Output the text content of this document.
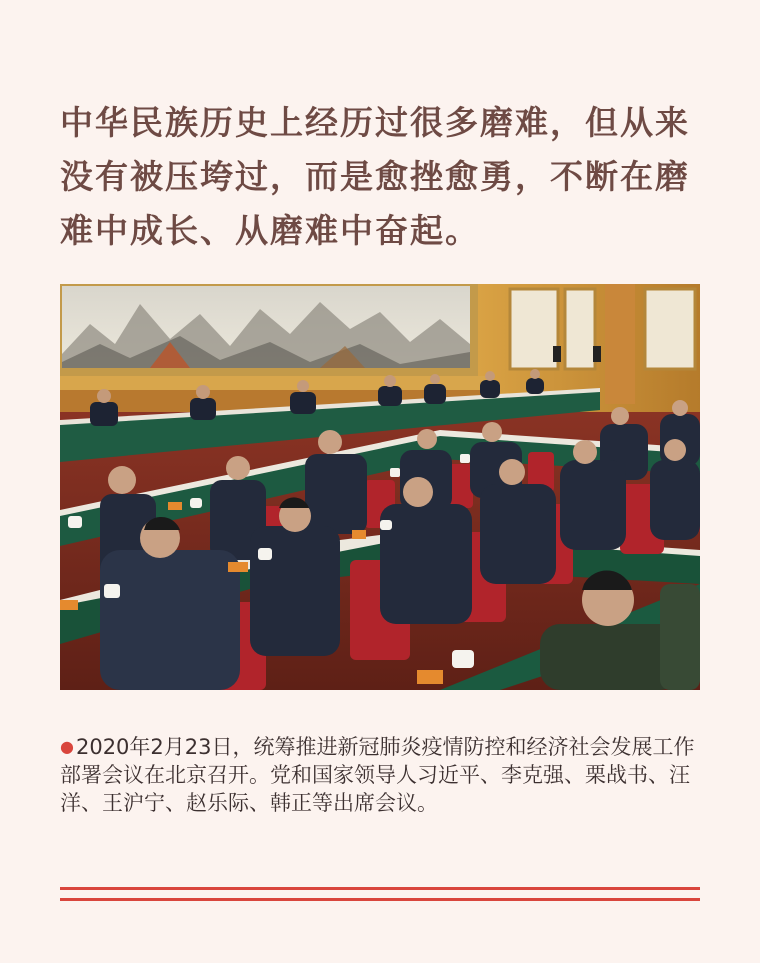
中华民族历史上经历过很多磨难，但从来没有被压垮过，而是愈挫愈勇，不断在磨难中成长、从磨难中奋起。

●2020年2月23日，统筹推进新冠肺炎疫情防控和经济社会发展工作部署会议在北京召开。党和国家领导人习近平、李克强、栗战书、汪洋、王沪宁、赵乐际、韩正等出席会议。
